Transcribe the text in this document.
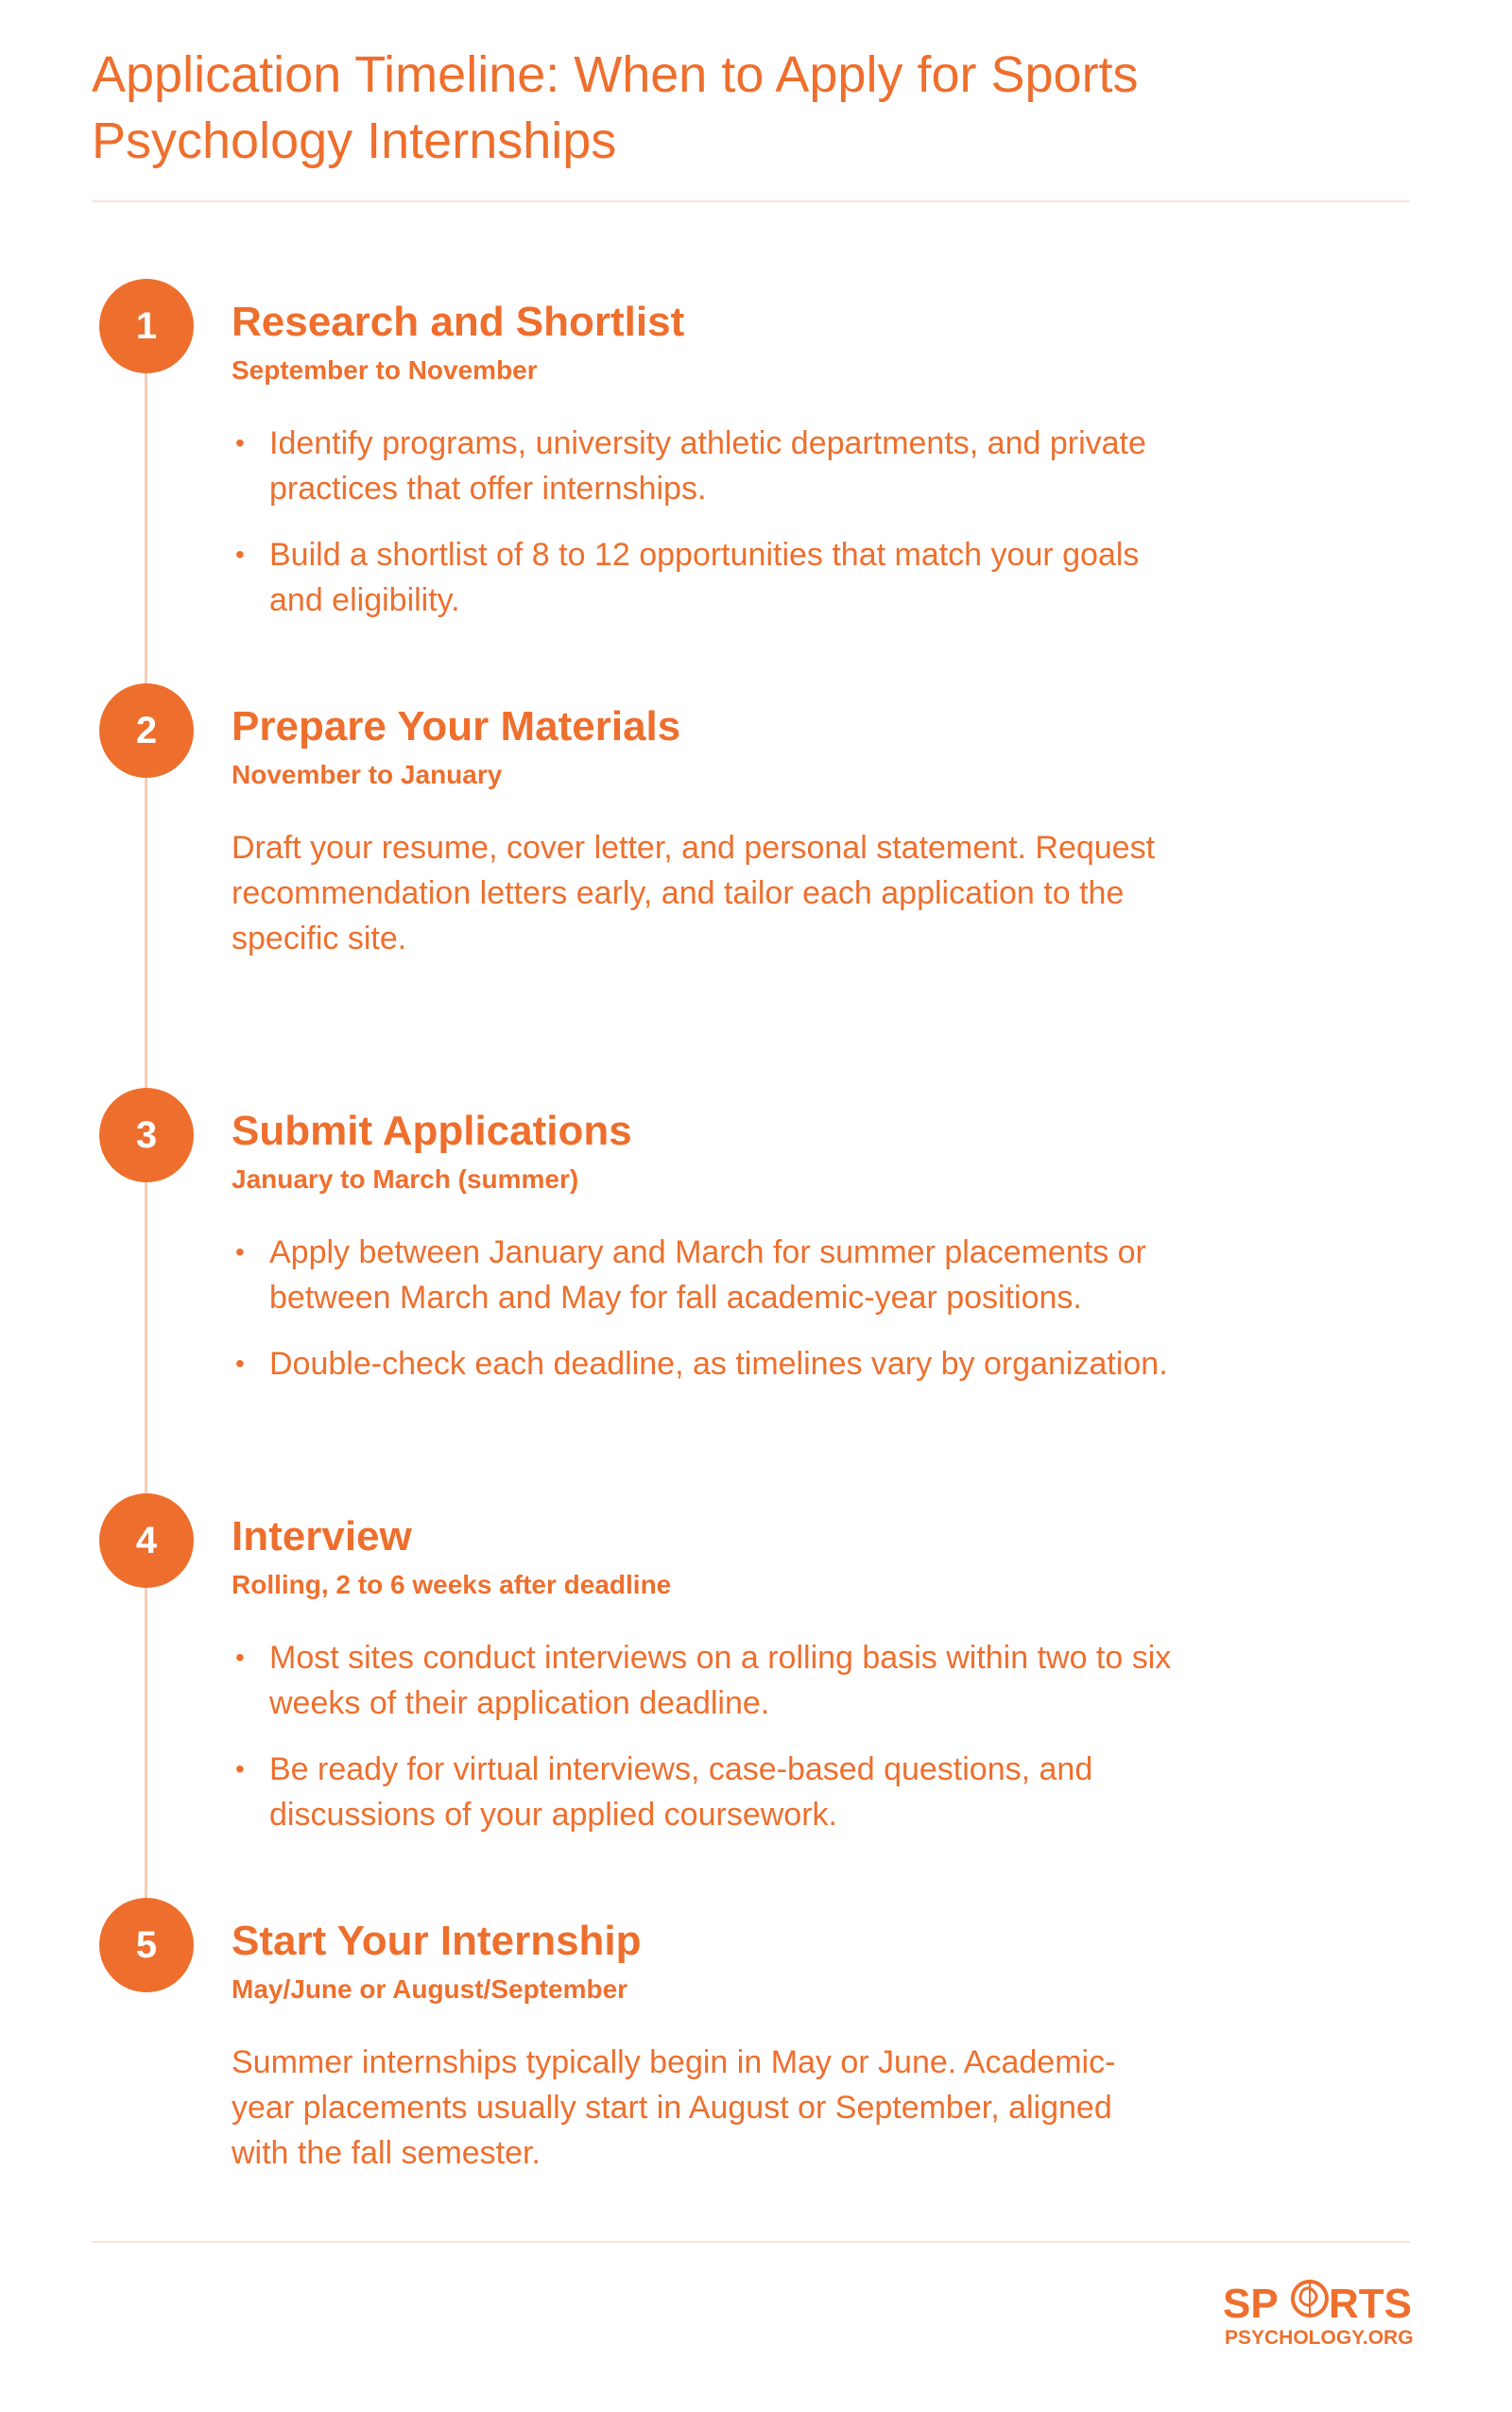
Application Timeline: When to Apply for Sports Psychology Internships
1	Research and Shortlist
September to November
• Identify programs, university athletic departments, and private practices that offer internships.
• Build a shortlist of 8 to 12 opportunities that match your goals and eligibility.
2	Prepare Your Materials
November to January

Draft your resume, cover letter, and personal statement. Request recommendation letters early, and tailor each application to the specific site.

3	Submit Applications
January to March (summer)
• Apply between January and March for summer placements or between March and May for fall academic-year positions.
• Double-check each deadline, as timelines vary by organization.
4	Interview
Rolling, 2 to 6 weeks after deadline
• Most sites conduct interviews on a rolling basis within two to six weeks of their application deadline.
• Be ready for virtual interviews, case-based questions, and discussions of your applied coursework.
5	Start Your Internship
May/June or August/September

Summer internships typically begin in May or June. Academic-year placements usually start in August or September, aligned with the fall semester.

SP RTS
PSYCHOLOGY.ORG
